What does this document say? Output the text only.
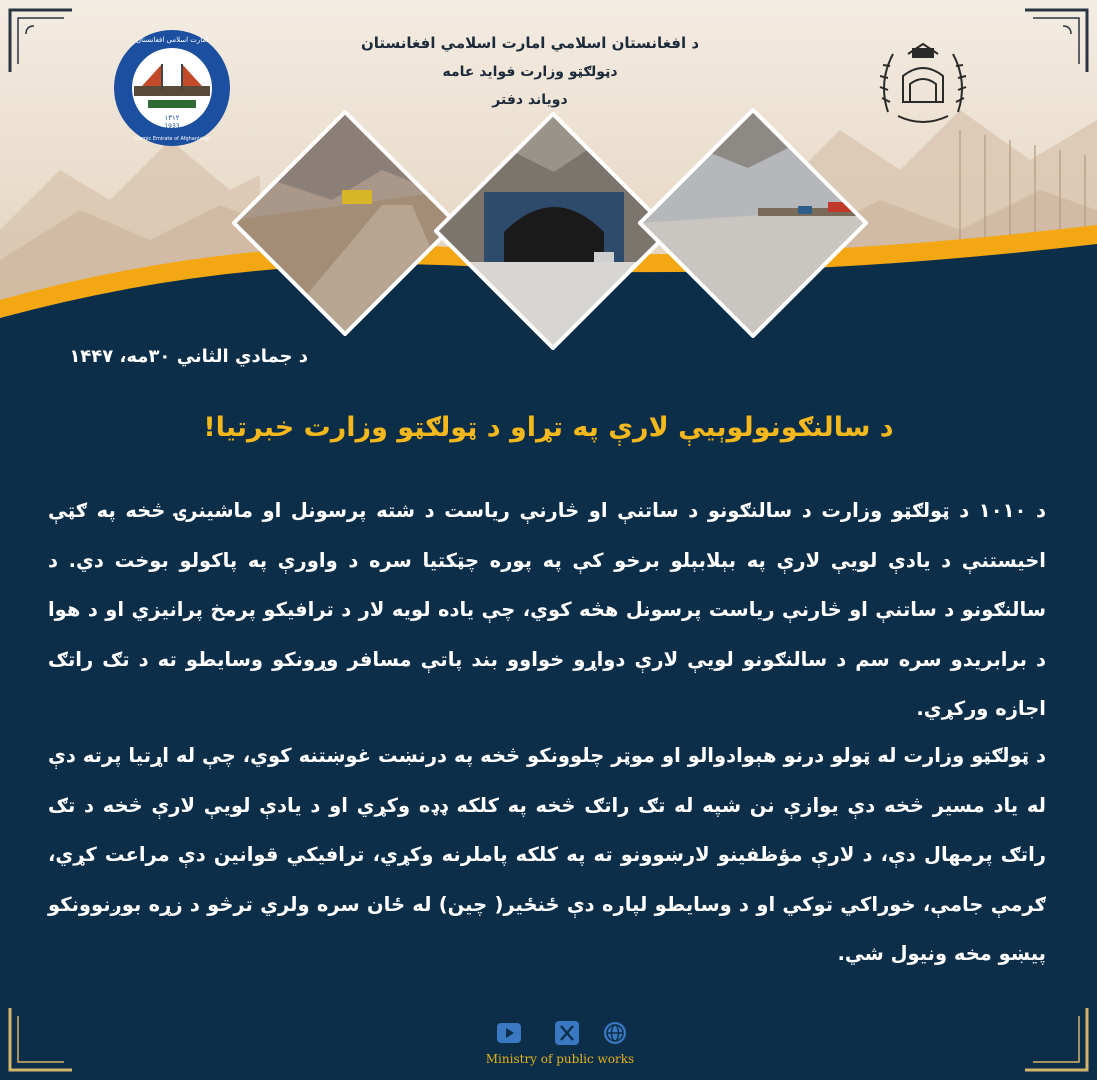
د افغانستان اسلامي امارت اسلامي افغانستان
دټولګټو وزارت فواید عامه
دوياند دفتر
۱۳۱۲
1933
امارت اسلامی افغانستان
Islamic Emirate of Afghanistan
د جمادي الثاني ۳۰مه، ۱۴۴۷
د سالنګونولوېيې لارې په تړاو د ټولګټو وزارت خبرتيا!
د ۱۰۱۰ د ټولګټو وزارت د سالنګونو د ساتنې او څارنې رياست د شته پرسونل او ماشينرۍ څخه په ګټې اخيستنې د يادې لويې لارې په بېلابېلو برخو کې په پوره چټکتيا سره د واورې په پاکولو بوخت دي. د سالنګونو د ساتنې او څارنې رياست پرسونل هڅه کوي، چې ياده لويه لار د ترافيکو پرمخ پرانيزي او د هوا د برابريدو سره سم د سالنګونو لويې لارې دواړو خواوو بند پاتې مسافر وړونکو وسايطو ته د تګ راتګ اجازه ورکړي.
د ټولګټو وزارت له ټولو درنو هېوادوالو او موټر چلوونکو څخه په درنښت غوښتنه کوي، چې له اړتيا پرته دې له ياد مسير څخه دې يوازې نن شپه له تګ راتګ څخه په کلکه ډډه وکړي او د يادې لويې لارې څخه د تګ راتګ پرمهال دې، د لارې مؤظفينو لارښوونو ته په کلکه پاملرنه وکړي، ترافيکي قوانين دې مراعت کړي، ګرمې جامې، خوراکي توکي او د وسايطو لپاره دې ځنځير( چين) له ځان سره ولري ترڅو د زړه بوږنوونکو پيښو مخه ونيول شي.
Ministry of public works
